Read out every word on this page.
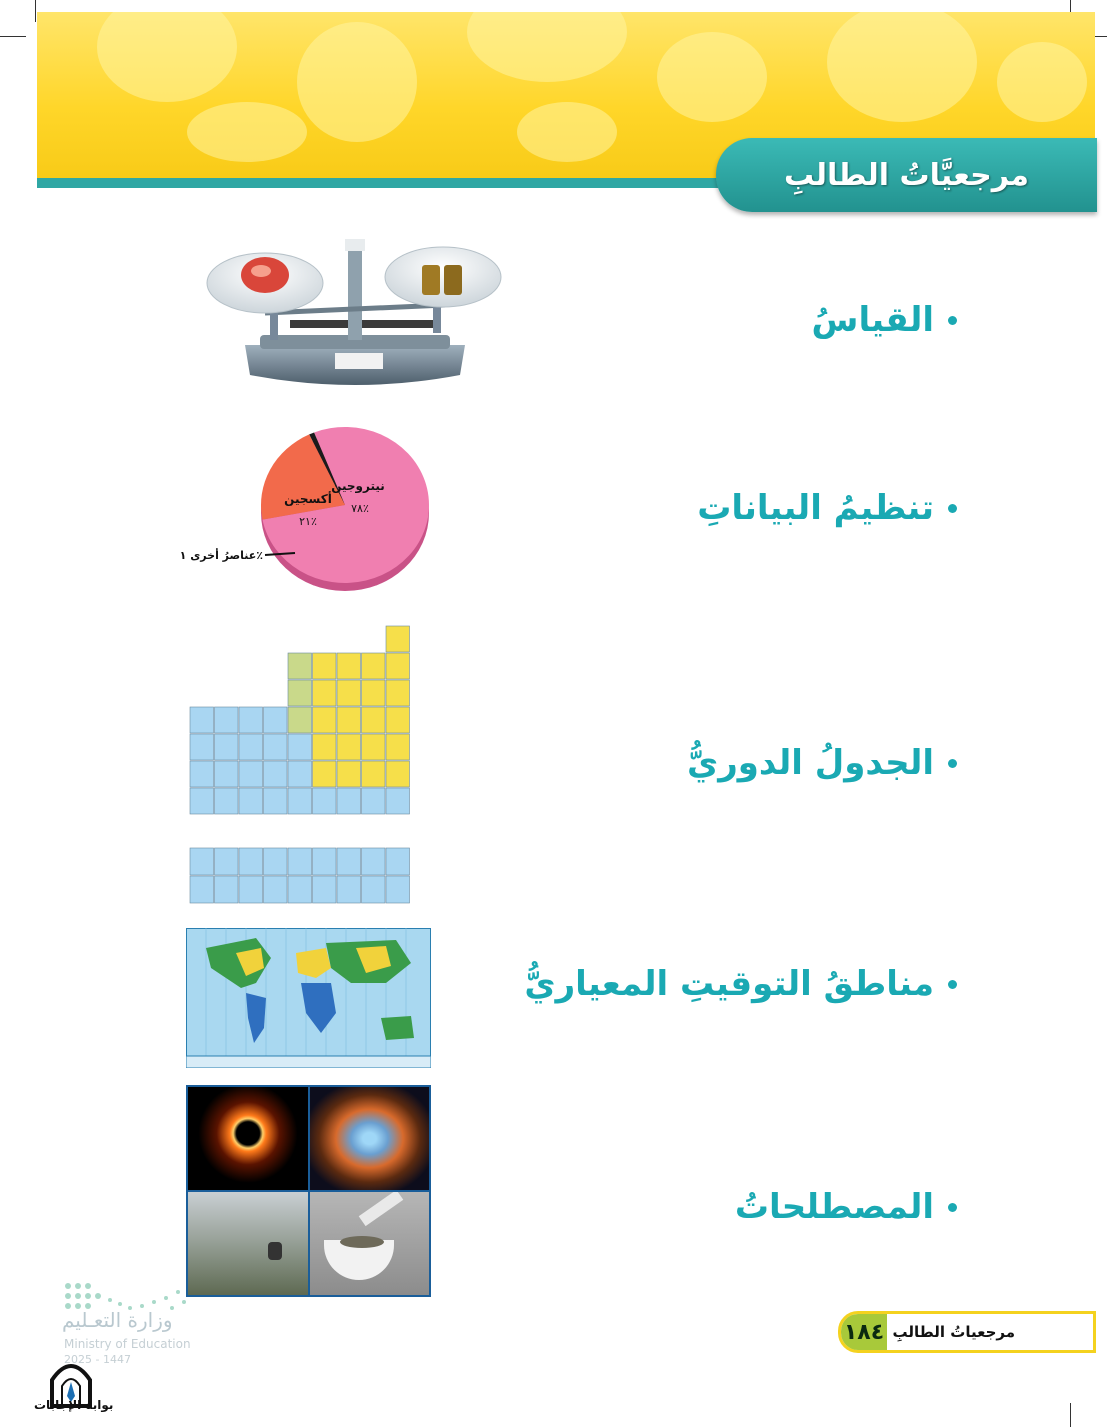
مرجعيَّاتُ الطالبِ
القياسُ
تنظيمُ البياناتِ
الجدولُ الدوريُّ
مناطقُ التوقيتِ المعياريُّ
المصطلحاتُ
نيتروجين
٧٨٪
أكسجين
٢١٪
عناصرُ أخرى ١٪
وزارة التعـليم
Ministry of Education
2025 - 1447
بوابة الإجابات
١٨٤ مرجعياتُ الطالبِ
